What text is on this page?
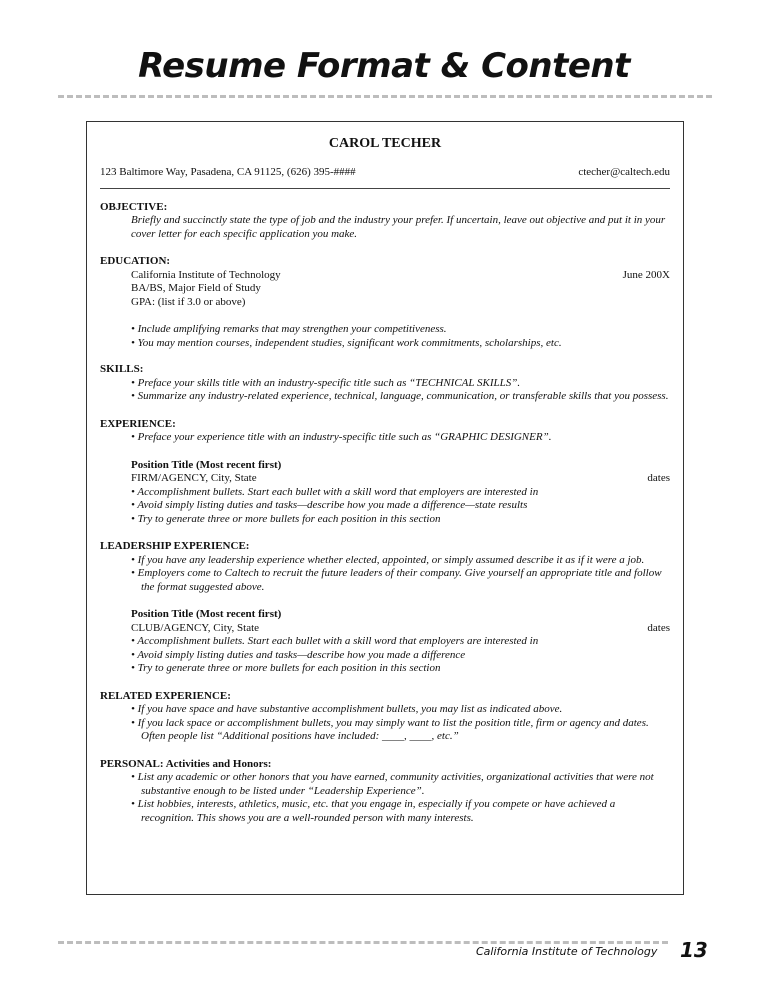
Resume Format & Content
CAROL TECHER
123 Baltimore Way, Pasadena, CA 91125, (626) 395-####	ctecher@caltech.edu
OBJECTIVE:
Briefly and succinctly state the type of job and the industry your prefer. If uncertain, leave out objective and put it in your cover letter for each specific application you make.
EDUCATION:
California Institute of Technology	June 200X
BA/BS, Major Field of Study
GPA: (list if 3.0 or above)
• Include amplifying remarks that may strengthen your competitiveness.
• You may mention courses, independent studies, significant work commitments, scholarships, etc.
SKILLS:
• Preface your skills title with an industry-specific title such as “TECHNICAL SKILLS”.
• Summarize any industry-related experience, technical, language, communication, or transferable skills that you possess.
EXPERIENCE:
• Preface your experience title with an industry-specific title such as “GRAPHIC DESIGNER”.
Position Title (Most recent first)
FIRM/AGENCY, City, State	dates
• Accomplishment bullets. Start each bullet with a skill word that employers are interested in
• Avoid simply listing duties and tasks—describe how you made a difference—state results
• Try to generate three or more bullets for each position in this section
LEADERSHIP EXPERIENCE:
• If you have any leadership experience whether elected, appointed, or simply assumed describe it as if it were a job.
• Employers come to Caltech to recruit the future leaders of their company. Give yourself an appropriate title and follow the format suggested above.
Position Title (Most recent first)
CLUB/AGENCY, City, State	dates
• Accomplishment bullets. Start each bullet with a skill word that employers are interested in
• Avoid simply listing duties and tasks—describe how you made a difference
• Try to generate three or more bullets for each position in this section
RELATED EXPERIENCE:
• If you have space and have substantive accomplishment bullets, you may list as indicated above.
• If you lack space or accomplishment bullets, you may simply want to list the position title, firm or agency and dates. Often people list “Additional positions have included: ____, ____, etc.”
PERSONAL: Activities and Honors:
• List any academic or other honors that you have earned, community activities, organizational activities that were not substantive enough to be listed under “Leadership Experience”.
• List hobbies, interests, athletics, music, etc. that you engage in, especially if you compete or have achieved a recognition. This shows you are a well-rounded person with many interests.
California Institute of Technology 13
